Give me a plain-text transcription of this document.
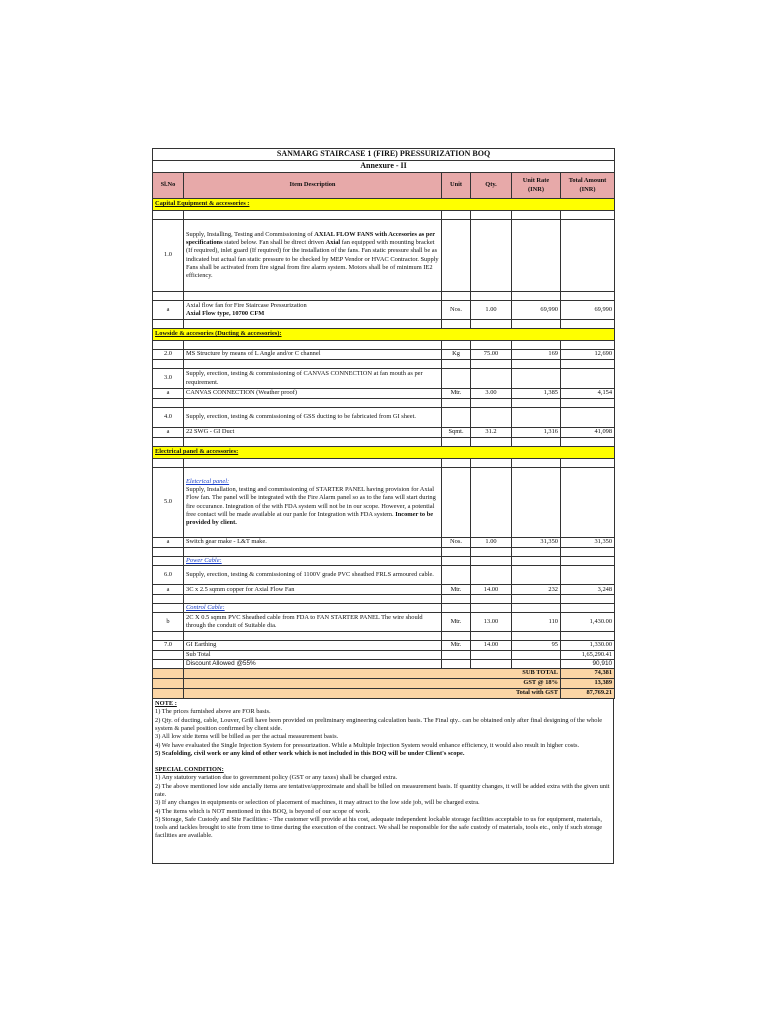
SANMARG STAIRCASE 1 (FIRE) PRESSURIZATION BOQ					
Annexure - II					
Sl.No	Item Description	Unit	Qty.	Unit Rate (INR)	Total Amount (INR)
Capital Equipment & accessories :					

1.0	Supply, Installing, Testing and Commissioning of AXIAL FLOW FANS with Accesories as per specifications stated below. Fan shall be direct driven Axial fan equipped with mounting bracket (If required), inlet guard (If required) for the installation of the fans. Fan static pressure shall be as indicated but actual fan static pressure to be checked by MEP Vendor or HVAC Contractor. Supply Fans shall be activated from fire signal from fire alarm system. Motors shall be of minimum IE2 efficiency.				

a	Axial flow fan for Fire Staircase Pressurization
Axial Flow type, 10700 CFM	Nos.	1.00	69,990	69,990

Lowside & accesories (Ducting & accessories):					

2.0	MS Structure by means of L Angle and/or C channel	Kg	75.00	169	12,690

3.0	Supply, erection, testing & commissioning of CANVAS CONNECTION at fan mouth as per requirement.				
a	CANVAS CONNECTION (Weather proof)	Mtr.	3.00	1,385	4,154

4.0	Supply, erection, testing & commissioning of GSS ducting to be fabricated from GI sheet.				
a	22 SWG - GI Duct	Sqmt.	31.2	1,316	41,098

Electrical panel & accessories:					

5.0	Eletcrical panel:
Supply, Installation, testing and commissioning of STARTER PANEL having provision for Axial Flow fan. The panel will be integrated with the Fire Alarm panel so as to the fans will start during fire occurance. Integration of the with FDA system will not be in our scope. However, a potential free contact will be made available at our panle for Integration with FDA system. Incomer to be provided by client.				
a	Switch gear make - L&T make.	Nos.	1.00	31,350	31,350

	Power Cable:				
6.0	Supply, erection, testing & commissioning of 1100V grade PVC sheathed FRLS armoured cable.				
a	3C x 2.5 sqmm copper for Axial Flow Fan	Mtr.	14.00	232	3,248

	Control Cable:				
b	2C X 0.5 sqmm PVC Sheathed cable from FDA to FAN STARTER PANEL The wire should through the conduit of Suitable dia.	Mtr.	13.00	110	1,430.00

7.0	GI Earthing	Mtr.	14.00	95	1,330.00
	Sub Total				1,65,290.41
	Discount Allowed @55%				90,910
	SUB TOTAL				74,381
	GST @ 18%				13,389
	Total with GST				87,769.21
NOTE :
1) The prices furnished above are FOR basis.
2) Qty. of ducting, cable, Louver, Grill have been provided on preliminary engineering calculation basis. The Final qty.. can be obtained only after final designing of the whole system & panel position confirmed by client side.
3) All low side items will be billed as per the actual measurement basis.
4) We have evaluated the Single Injection System for pressurization. While a Multiple Injection System would enhance efficiency, it would also result in higher costs.
5) Scafolding, civil work or any kind of other work which is not included in this BOQ will be under Client's scope.
SPECIAL CONDITION:
1) Any statutory variation due to government policy (GST or any taxes) shall be charged extra.
2) The above mentioned low side ancially items are tentative/approximate and shall be billed on measurement basis. If quantity changes, it will be added extra with the given unit rate.
3) If any changes in equipments or selection of placement of machines, it may attract to the low side job, will be charged extra.
4) The items which is NOT mentioned in this BOQ, is beyond of our scope of work.
5) Storage, Safe Custody and Site Facilities: - The customer will provide at his cost, adequate independent lockable storage facilities acceptable to us for equipment, materials, tools and tackles brought to site from time to time during the execution of the contract. We shall be responsible for the safe custody of materials, tools etc., only if such storage facilities are available.
